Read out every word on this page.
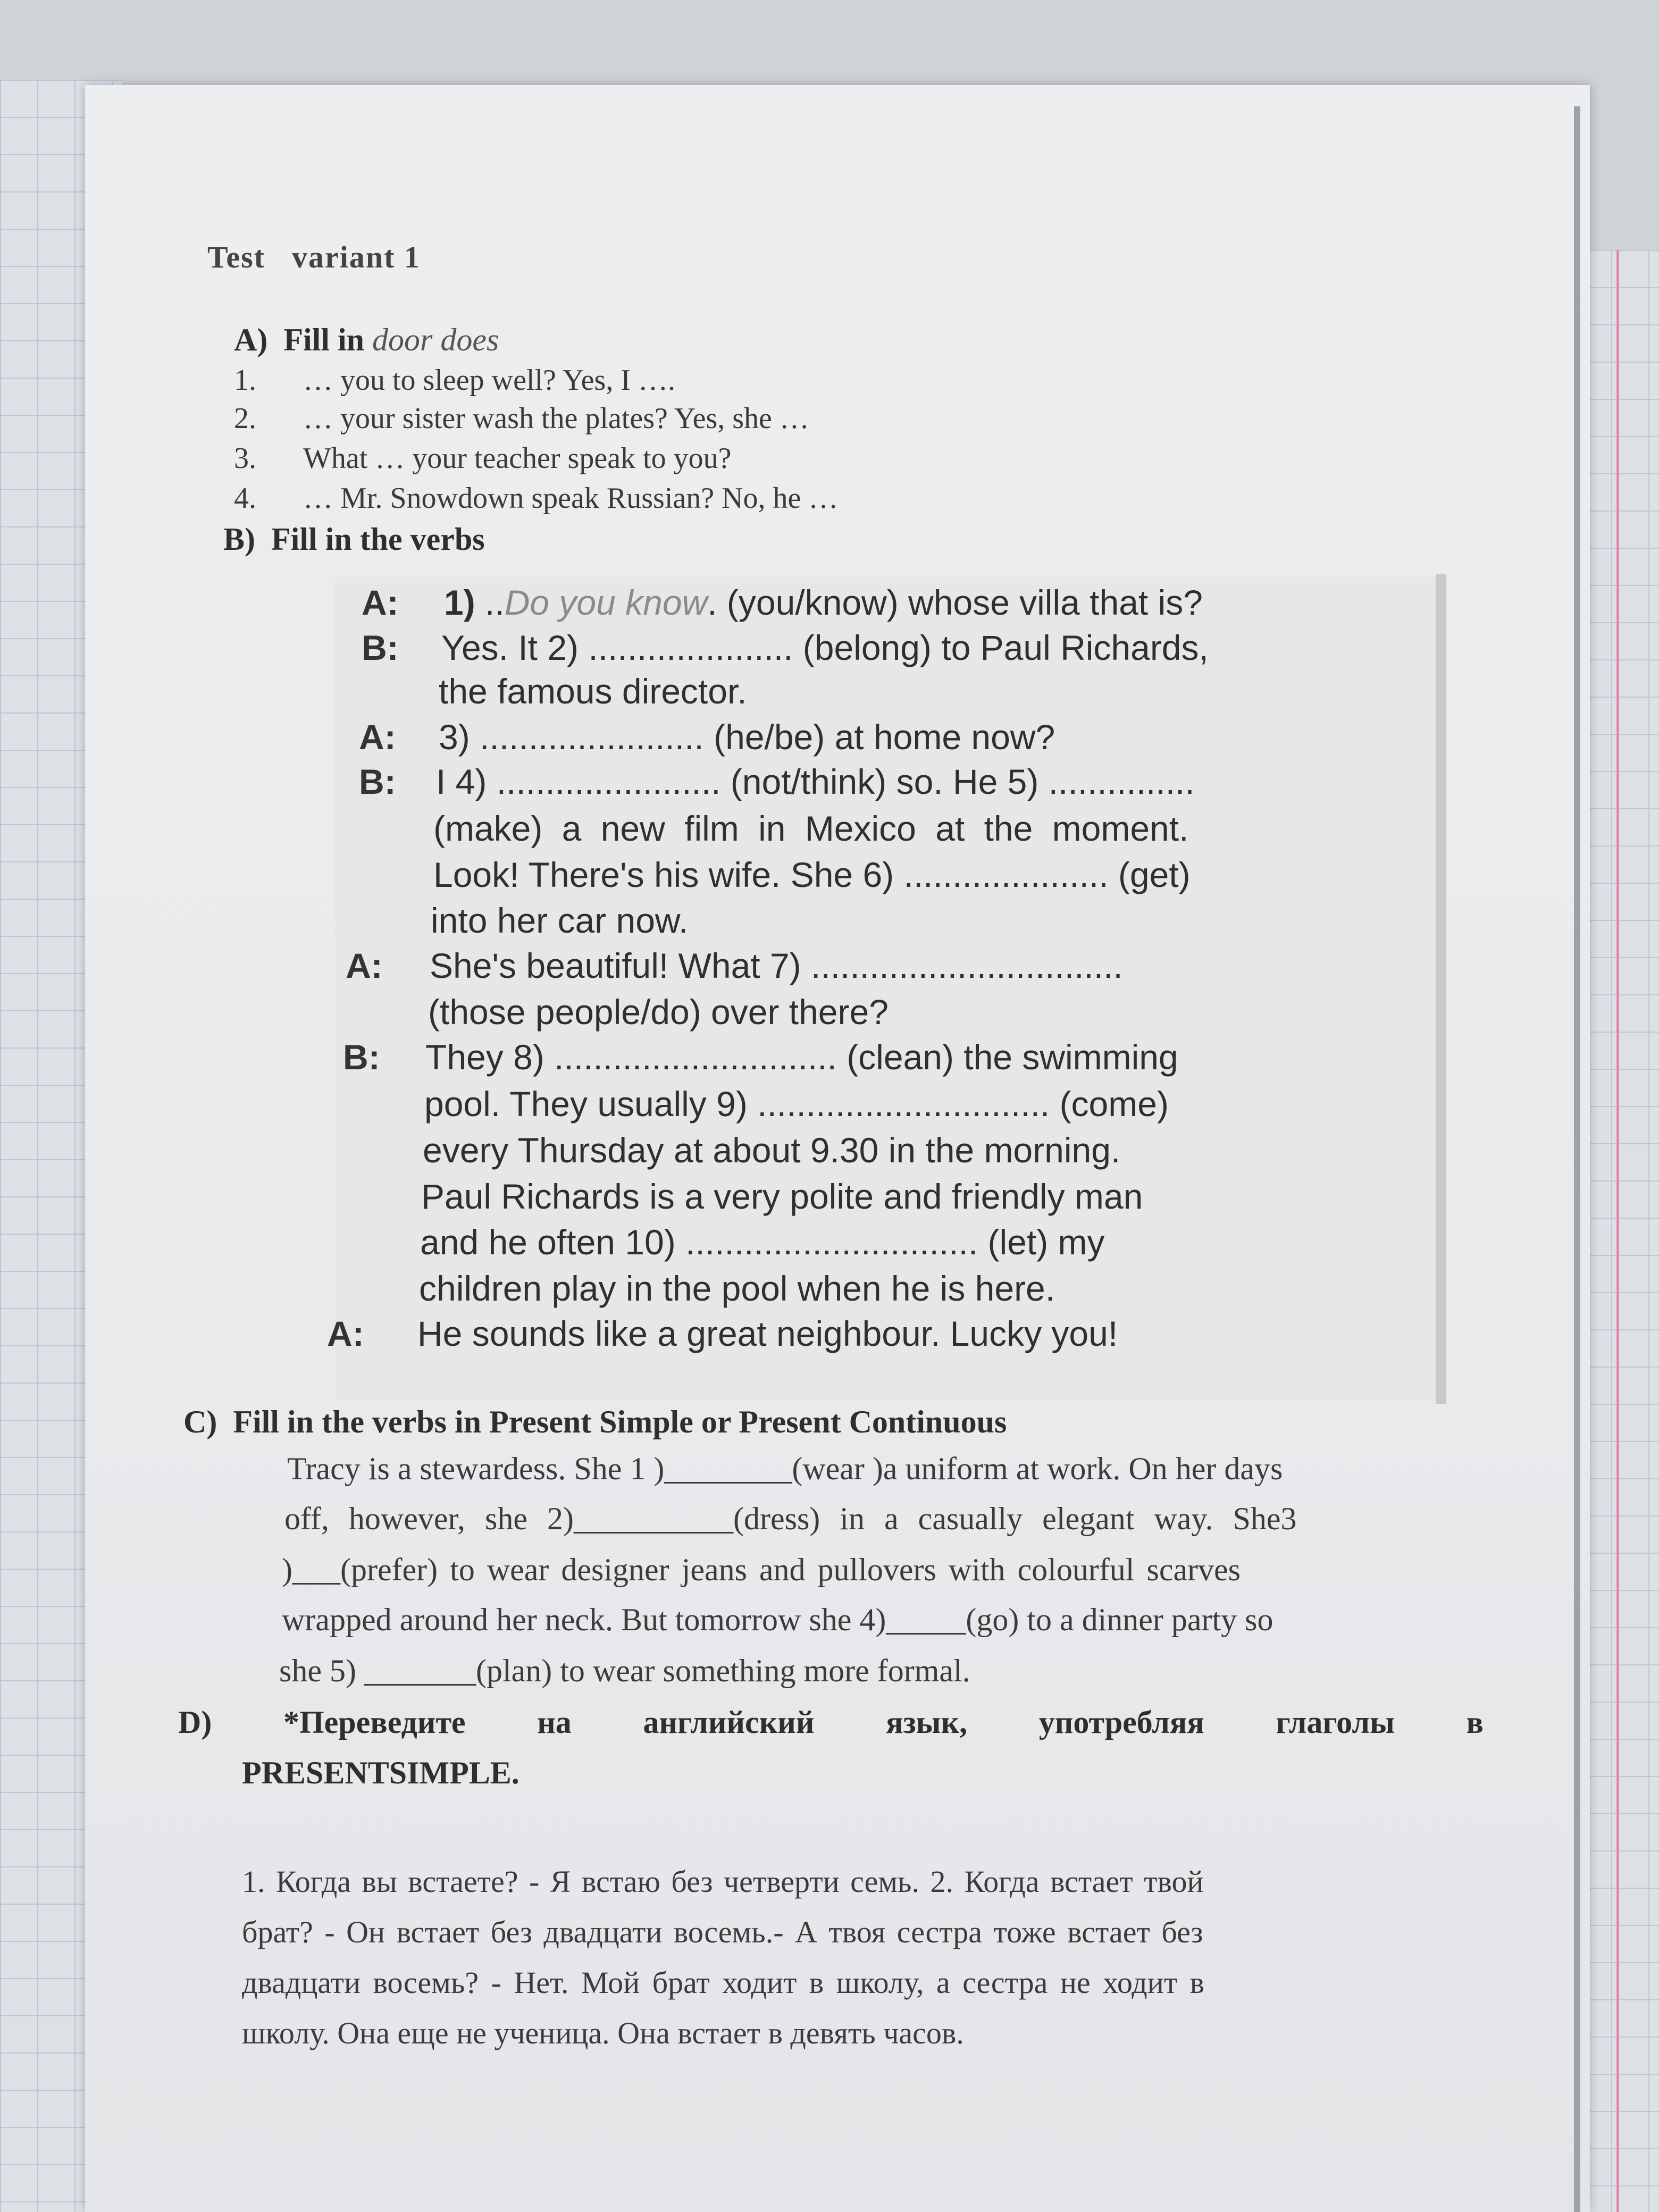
Test variant 1
A) Fill in door does
1. … you to sleep well? Yes, I ….
2. … your sister wash the plates? Yes, she …
3. What … your teacher speak to you?
4. … Mr. Snowdown speak Russian? No, he …
B) Fill in the verbs
A: 1) ..Do you know. (you/know) whose villa that is?
B: Yes. It 2) ..................... (belong) to Paul Richards,
the famous director.
A: 3) ....................... (he/be) at home now?
B: I 4) ....................... (not/think) so. He 5) ...............
(make) a new film in Mexico at the moment.
Look! There's his wife. She 6) ..................... (get)
into her car now.
A: She's beautiful! What 7) ................................
(those people/do) over there?
B: They 8) ............................. (clean) the swimming
pool. They usually 9) .............................. (come)
every Thursday at about 9.30 in the morning.
Paul Richards is a very polite and friendly man
and he often 10) .............................. (let) my
children play in the pool when he is here.
A: He sounds like a great neighbour. Lucky you!
C) Fill in the verbs in Present Simple or Present Continuous
Tracy is a stewardess. She 1 )________(wear )a uniform at work. On her days
off, however, she 2)__________(dress) in a casually elegant way. She3
)___(prefer) to wear designer jeans and pullovers with colourful scarves
wrapped around her neck. But tomorrow she 4)_____(go) to a dinner party so
she 5) _______(plan) to wear something more formal.
D) *Переведите на английский язык, употребляя глаголы в
PRESENTSIMPLE.
1. Когда вы встаете? - Я встаю без четверти семь. 2. Когда встает твой
брат? - Он встает без двадцати восемь.- А твоя сестра тоже встает без
двадцати восемь? - Нет. Мой брат ходит в школу, а сестра не ходит в
школу. Она еще не ученица. Она встает в девять часов.
